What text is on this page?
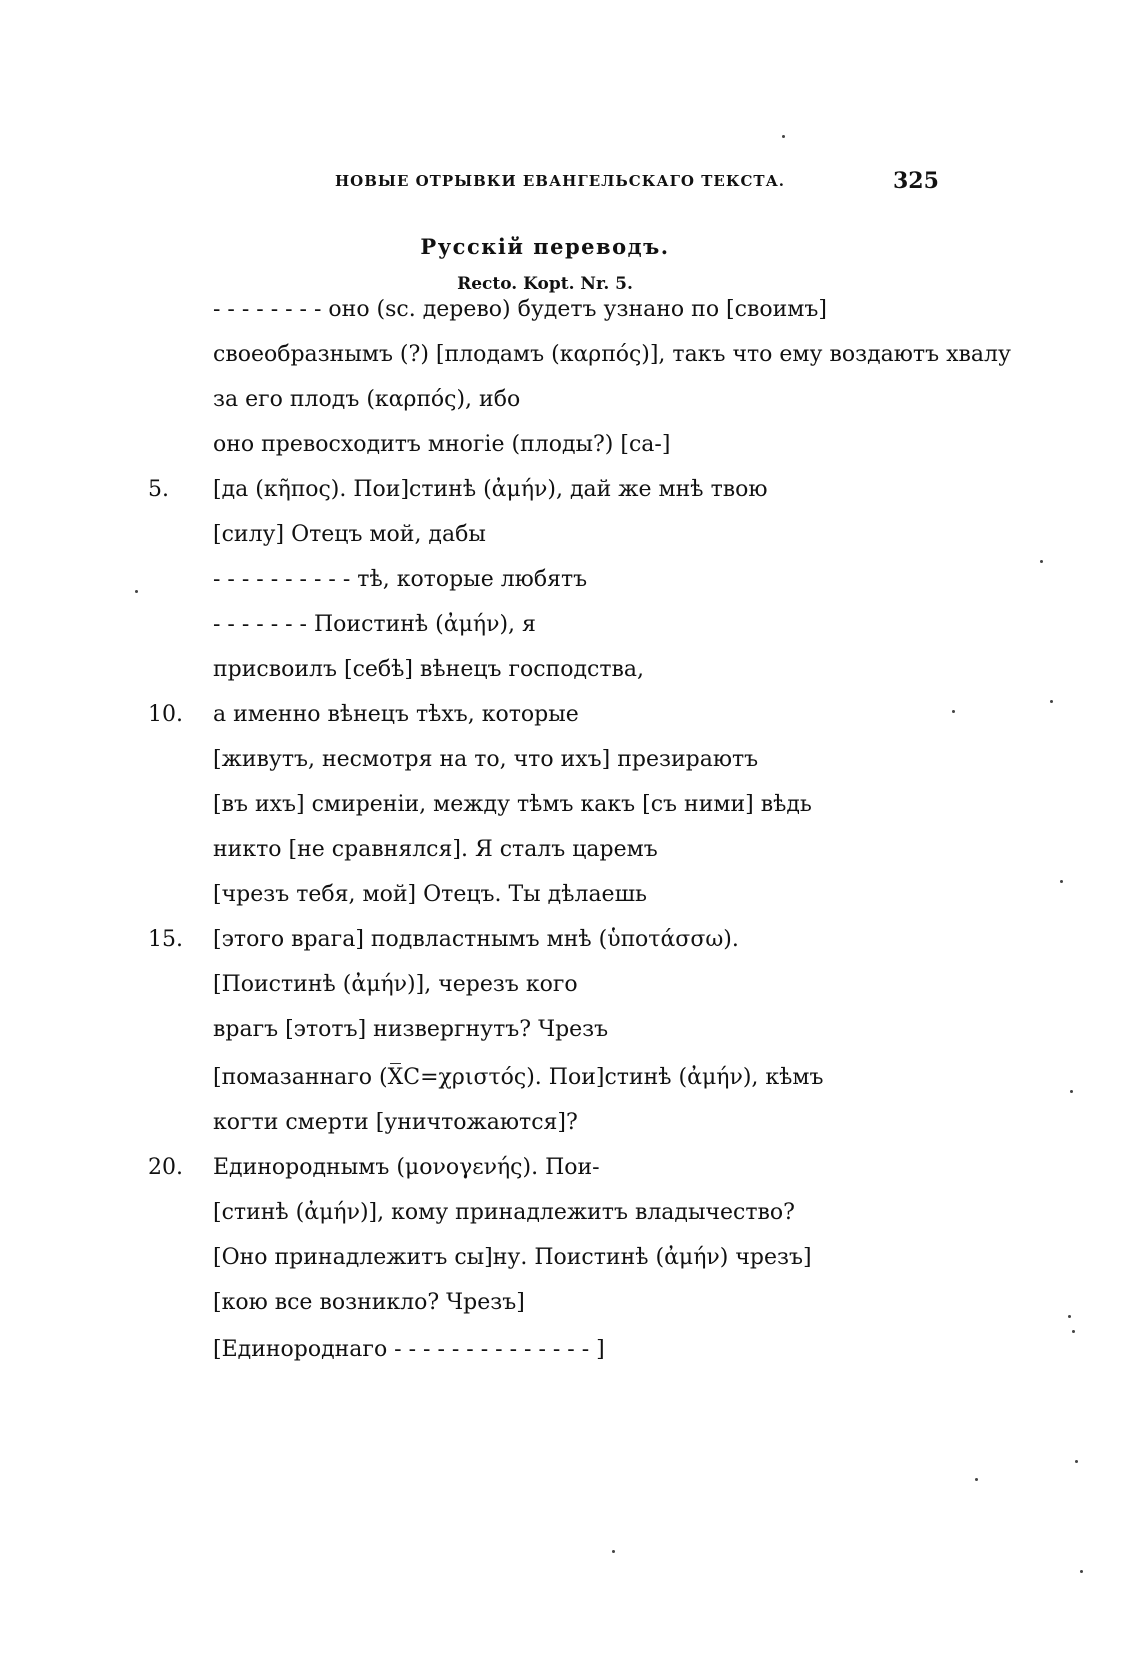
НОВЫЕ ОТРЫВКИ ЕВАНГЕЛЬСКАГО ТЕКСТА.	325
Русскій переводъ.
Recto. Kopt. Nr. 5.
- - - - - - - - оно (sc. дерево) будетъ узнано по [своимъ]
своеобразнымъ (?) [плодамъ (καρπός)], такъ что ему воздаютъ хвалу
за его плодъ (καρπός), ибо
оно превосходитъ многіе (плоды?) [са-]
5.	[да (κῆπος). Пои]стинѣ (ἀμήν), дай же мнѣ твою
[силу] Отецъ мой, дабы
- - - - - - - - - - тѣ, которые любятъ
- - - - - - - Поистинѣ (ἀμήν), я
присвоилъ [себѣ] вѣнецъ господства,
10.	а именно вѣнецъ тѣхъ, которые
[живутъ, несмотря на то, что ихъ] презираютъ
[въ ихъ] смиреніи, между тѣмъ какъ [съ ними] вѣдь
никто [не сравнялся]. Я сталъ царемъ
[чрезъ тебя, мой] Отецъ. Ты дѣлаешь
15.	[этого врага] подвластнымъ мнѣ (ὑποτάσσω).
[Поистинѣ (ἀμήν)], черезъ кого
врагъ [этотъ] низвергнутъ? Чрезъ
[помазаннаго (X̅C=χριστός). Пои]стинѣ (ἀμήν), кѣмъ
когти смерти [уничтожаются]?
20.	Единороднымъ (μονογενής). Пои-
[стинѣ (ἀμήν)], кому принадлежитъ владычество?
[Оно принадлежитъ сы]ну. Поистинѣ (ἀμήν) чрезъ]
[кою все возникло? Чрезъ]
[Единороднаго - - - - - - - - - - - - - - ]
